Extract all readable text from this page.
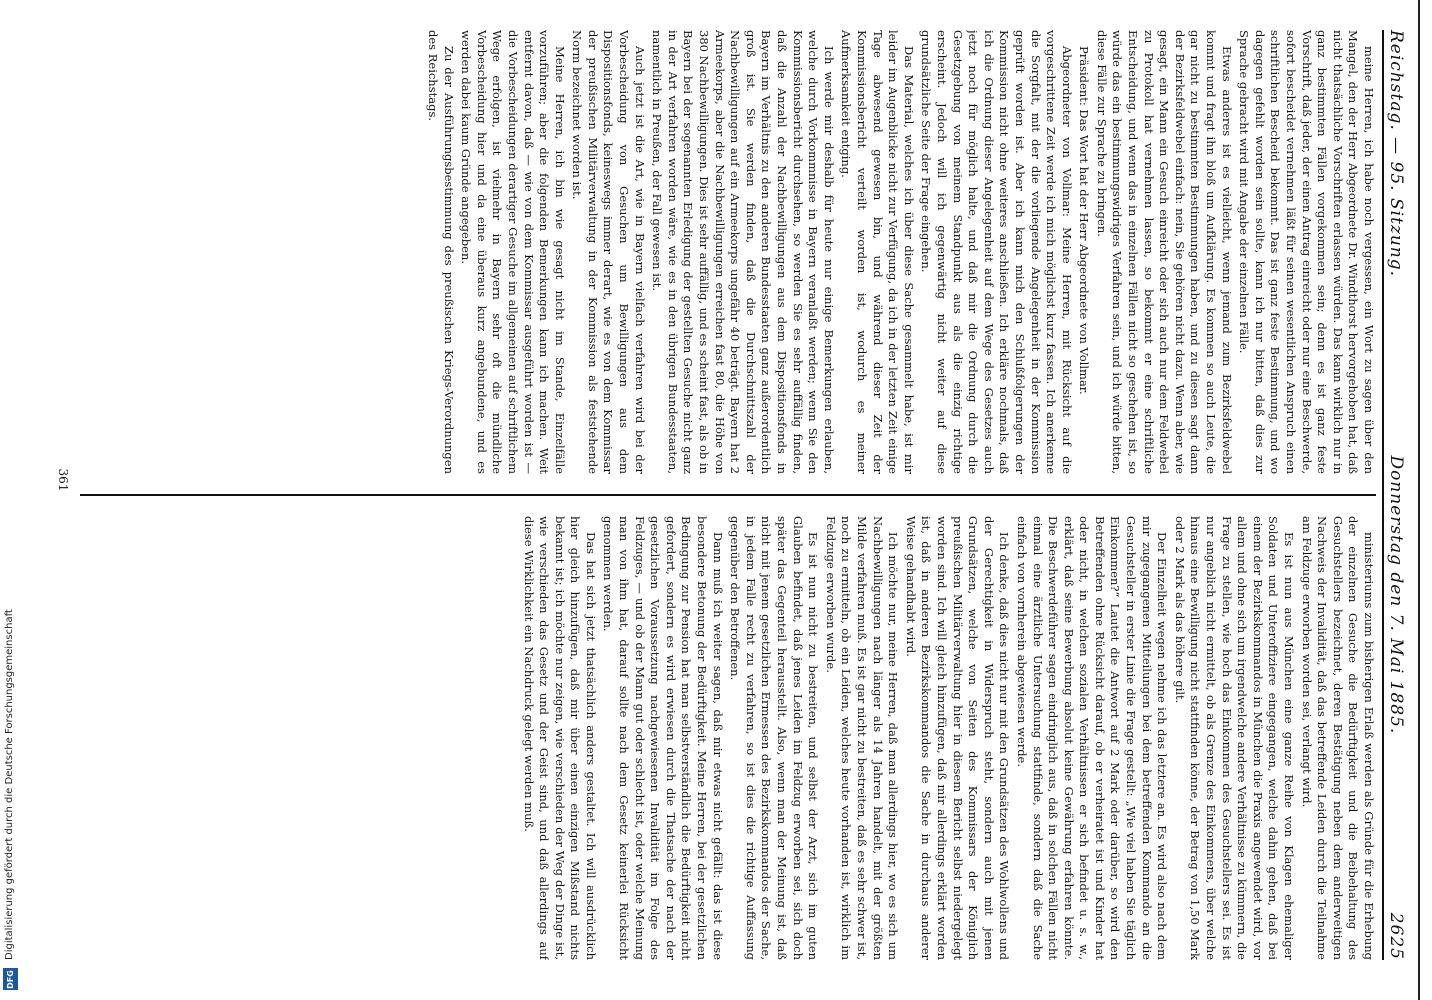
DFG
Digitalisierung gefördert durch die Deutsche Forschungsgemeinschaft
Reichstag. — 95. Sitzung.
Donnerstag den 7. Mai 1885.
2625

meine Herren, ich habe noch vergessen, ein Wort zu sagen über den Mangel, den der Herr Abgeordnete Dr. Windthorst hervorgehoben hat, daß nicht thatsächliche Vorschriften erlassen würden. Das kann wirklich nur in ganz bestimmten Fällen vorgekommen sein; denn es ist ganz feste Vorschrift, daß jeder, der einen Antrag einreicht oder nur eine Beschwerde, sofort bescheidet vernehmen läßt für seinen wesentlichen Anspruch einen schriftlichen Bescheid bekommt. Das ist ganz feste Bestimmung, und wo dagegen gefehlt worden sein sollte, kann ich nur bitten, daß dies zur Sprache gebracht wird mit Angabe der einzelnen Fälle.

Etwas anderes ist es vielleicht, wenn jemand zum Bezirksfeldwebel kommt und fragt ihn bloß um Aufklärung. Es kommen so auch Leute, die gar nicht zu bestimmten Bestimmungen haben, und zu diesen sagt dann der Bezirksfeldwebel einfach: nein, Sie gehören nicht dazu. Wenn aber, wie gesagt, ein Mann ein Gesuch einreicht oder sich auch nur dem Feldwebel zu Protokoll hat vernehmen lassen, so bekommt er eine schriftliche Entscheidung, und wenn das in einzelnen Fällen nicht so geschehen ist, so würde das ein bestimmungswidriges Verfahren sein, und ich würde bitten, diese Fälle zur Sprache zu bringen.

Präsident: Das Wort hat der Herr Abgeordnete von Vollmar.

Abgeordneter von Vollmar: Meine Herren, mit Rücksicht auf die vorgeschrittene Zeit werde ich mich möglichst kurz fassen. Ich anerkenne die Sorgfalt, mit der die vorliegende Angelegenheit in der Kommission geprüft worden ist. Aber ich kann mich den Schlußfolgerungen der Kommission nicht ohne weiteres anschließen. Ich erkläre nochmals, daß ich die Ordnung dieser Angelegenheit auf dem Wege des Gesetzes auch jetzt noch für möglich halte, und daß mir die Ordnung durch die Gesetzgebung von meinem Standpunkt aus als die einzig richtige erscheint. Jedoch will ich gegenwärtig nicht weiter auf diese grundsätzliche Seite der Frage eingehen.

Das Material, welches ich über diese Sache gesammelt habe, ist mir leider im Augenblicke nicht zur Verfügung, da ich in der letzten Zeit einige Tage abwesend gewesen bin, und während dieser Zeit der Kommissionsbericht verteilt worden ist, wodurch es meiner Aufmerksamkeit entging.

Ich werde mir deshalb für heute nur einige Bemerkungen erlauben, welche durch Vorkommnisse in Bayern veranlaßt werden; wenn Sie den Kommissionsbericht durchsehen, so werden Sie es sehr auffällig finden, daß die Anzahl der Nachbewilligungen aus dem Dispositionsfonds in Bayern im Verhältnis zu den anderen Bundesstaaten ganz außerordentlich groß ist. Sie werden finden, daß die Durchschnittszahl der Nachbewilligungen auf ein Armeekorps ungefähr 40 beträgt. Bayern hat 2 Armeekorps, aber die Nachbewilligungen erreichen fast 80, die Höhe von 380 Nachbewilligungen. Dies ist sehr auffällig, und es scheint fast, als ob in Bayern bei der sogenannten Erledigung der gestellten Gesuche nicht ganz in der Art verfahren worden wäre, wie es in den übrigen Bundesstaaten, namentlich in Preußen, der Fall gewesen ist.

Auch jetzt ist die Art, wie in Bayern vielfach verfahren wird bei der Vorbescheidung von Gesuchen um Bewilligungen aus dem Dispositionsfonds, keineswegs immer derart, wie es von dem Kommissar der preußischen Militärverwaltung in der Kommission als feststehende Norm bezeichnet worden ist.

Meine Herren, ich bin wie gesagt nicht im Stande, Einzelfälle vorzuführen; aber die folgenden Bemerkungen kann ich machen. Weit entfernt davon, daß — wie von dem Kommissar ausgeführt worden ist — die Vorbescheidungen derartiger Gesuche im allgemeinen auf schriftlichem Wege erfolgen, ist vielmehr in Bayern sehr oft die mündliche Vorbescheidung hier und da eine überaus kurz angebundene, und es werden dabei kaum Gründe angegeben.

Zu der Ausführungsbestimmung des preußischen Kriegs-Verordnungen des Reichstags.

ministeriums zum bisherigen Erlaß werden als Gründe für die Erhebung der einzelnen Gesuche die Bedürftigkeit und die Beibehaltung des Gesuchstellers bezeichnet, deren Bestätigung neben dem anderweitigen Nachweis der Invalidität, daß das betreffende Leiden durch die Teilnahme am Feldzuge erworben worden sei, verlangt wird.

Es ist nun aus München eine ganze Reihe von Klagen ehemaliger Soldaten und Unteroffiziere eingegangen, welche dahin gehen, daß bei einem der Bezirkskommandos in München die Praxis angewendet wird, vor allem und ohne sich um irgendwelche andere Verhältnisse zu kümmern, die Frage zu stellen, wie hoch das Einkommen des Gesuchstellers sei. Es ist nur angeblich nicht ermittelt, ob als Grenze des Einkommens, über welche hinaus eine Bewilligung nicht stattfinden könne, der Betrag von 1,50 Mark oder 2 Mark als das höhere gilt.

Der Einzelheit wegen nehme ich das letztere an. Es wird also nach dem mir zugegangenen Mitteilungen bei dem betreffenden Kommando an die Gesuchsteller in erster Linie die Frage gestellt: „Wie viel haben Sie täglich Einkommen?“ Lautet die Antwort auf 2 Mark oder darüber, so wird den Betreffenden ohne Rücksicht darauf, ob er verheiratet ist und Kinder hat oder nicht, in welchen sozialen Verhältnissen er sich befindet u. s. w., erklärt, daß seine Bewerbung absolut keine Gewährung erfahren könnte. Die Beschwerdeführer sagen eindringlich aus, daß in solchen Fällen nicht einmal eine ärztliche Untersuchung stattfinde, sondern daß die Sache einfach von vornherein abgewiesen werde.

Ich denke, daß dies nicht nur mit den Grundsätzen des Wohlwollens und der Gerechtigkeit in Widerspruch steht, sondern auch mit jenen Grundsätzen, welche von Seiten des Kommissars der Königlich preußischen Militärverwaltung hier in diesem Bericht selbst niedergelegt worden sind. Ich will gleich hinzufügen, daß mir allerdings erklärt worden ist, daß in anderen Bezirkskommandos die Sache in durchaus anderer Weise gehandhabt wird.

Ich möchte nur, meine Herren, daß man allerdings hier, wo es sich um Nachbewilligungen nach länger als 14 Jahren handelt, mit der größten Milde verfahren muß. Es ist gar nicht zu bestreiten, daß es sehr schwer ist, noch zu ermitteln, ob ein Leiden, welches heute vorhanden ist, wirklich im Feldzuge erworben wurde.

Es ist nun nicht zu bestreiten, und selbst der Arzt, sich im guten Glauben befindet, daß jenes Leiden im Feldzug erworben sei, sich doch später das Gegenteil herausstellt. Also, wenn man der Meinung ist, daß nicht mit jenem gesetzlichen Ermessen des Bezirkskommandos der Sache, in jedem Falle recht zu verfahren, so ist dies die richtige Auffassung gegenüber den Betroffenen.

Dann muß ich weiter sagen, daß mir etwas nicht gefällt: das ist diese besondere Betonung der Bedürftigkeit. Meine Herren, bei der gesetzlichen Bedingung zur Pension hat man selbstverständlich die Bedürftigkeit nicht gefordert, sondern es wird erwiesen durch die Thatsache der nach der gesetzlichen Voraussetzung nachgewiesenen Invalidität im Folge des Feldzuges, — und ob der Mann gut oder schlecht ist, oder welche Meinung man von ihm hat, darauf sollte nach dem Gesetz keinerlei Rücksicht genommen werden.

Das hat sich jetzt thatsächlich anders gestaltet. Ich will ausdrücklich hier gleich hinzufügen, daß mir über einen einzigen Mißstand nichts bekannt ist; ich möchte nur zeigen, wie verschieden der Weg der Dinge ist, wie verschieden das Gesetz und der Geist sind, und daß allerdings auf diese Wirklichkeit ein Nachdruck gelegt werden muß.

361
